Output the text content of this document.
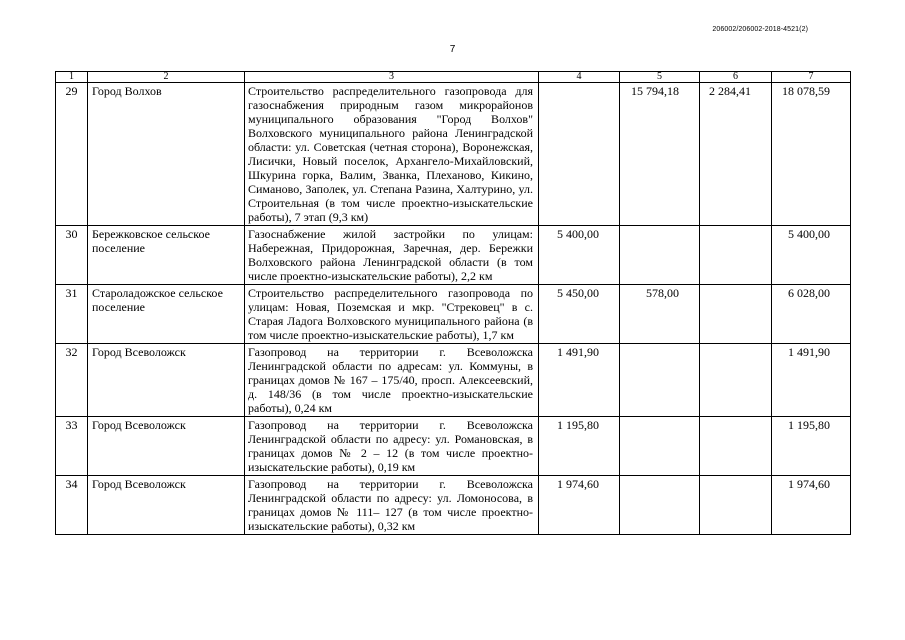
206002/206002-2018-4521(2)
7
1	2	3	4	5	6	7
29	Город Волхов	Строительство распределительного газопровода для газоснабжения природным газом микрорайонов муниципального образования "Город Волхов" Волховского муниципального района Ленинградской области: ул. Советская (четная сторона), Воронежская, Лисички, Новый поселок, Архангело-Михайловский, Шкурина горка, Валим, Званка, Плеханово, Кикино, Симаново, Заполек, ул. Степана Разина, Халтурино, ул. Строительная (в том числе проектно-изыскательские работы), 7 этап (9,3 км)		15 794,18	2 284,41	18 078,59
30	Бережковское сельское поселение	Газоснабжение жилой застройки по улицам: Набережная, Придорожная, Заречная, дер. Бережки Волховского района Ленинградской области (в том числе проектно-изыскательские работы), 2,2 км	5 400,00			5 400,00
31	Староладожское сельское поселение	Строительство распределительного газопровода по улицам: Новая, Поземская и мкр. "Стрековец" в с. Старая Ладога Волховского муниципального района (в том числе проектно-изыскательские работы), 1,7 км	5 450,00	578,00		6 028,00
32	Город Всеволожск	Газопровод на территории г. Всеволожска Ленинградской области по адресам: ул. Коммуны, в границах домов № 167 – 175/40, просп. Алексеевский, д. 148/36 (в том числе проектно-изыскательские работы), 0,24 км	1 491,90			1 491,90
33	Город Всеволожск	Газопровод на территории г. Всеволожска Ленинградской области по адресу: ул. Романовская, в границах домов № 2 – 12 (в том числе проектно-изыскательские работы), 0,19 км	1 195,80			1 195,80
34	Город Всеволожск	Газопровод на территории г. Всеволожска Ленинградской области по адресу: ул. Ломоносова, в границах домов № 111– 127 (в том числе проектно-изыскательские работы), 0,32 км	1 974,60			1 974,60
